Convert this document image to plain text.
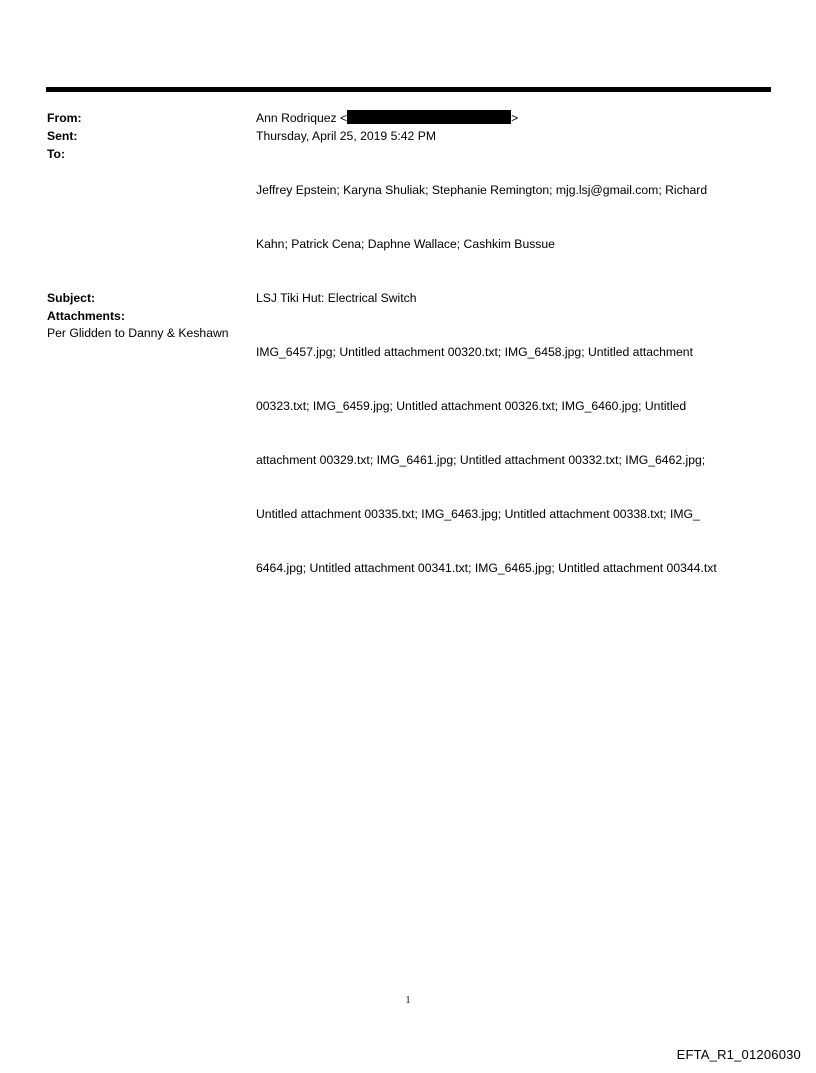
From:	Ann Rodriquez <	>
Sent:	Thursday, April 25, 2019 5:42 PM
To:

Jeffrey Epstein; Karyna Shuliak; Stephanie Remington; mjg.lsj@gmail.com; Richard

Kahn; Patrick Cena; Daphne Wallace; Cashkim Bussue

Subject:	LSJ Tiki Hut: Electrical Switch
Attachments:

IMG_6457.jpg; Untitled attachment 00320.txt; IMG_6458.jpg; Untitled attachment

00323.txt; IMG_6459.jpg; Untitled attachment 00326.txt; IMG_6460.jpg; Untitled

attachment 00329.txt; IMG_6461.jpg; Untitled attachment 00332.txt; IMG_6462.jpg;

Untitled attachment 00335.txt; IMG_6463.jpg; Untitled attachment 00338.txt; IMG_

6464.jpg; Untitled attachment 00341.txt; IMG_6465.jpg; Untitled attachment 00344.txt

Per Glidden to Danny & Keshawn
1
EFTA_R1_01206030
